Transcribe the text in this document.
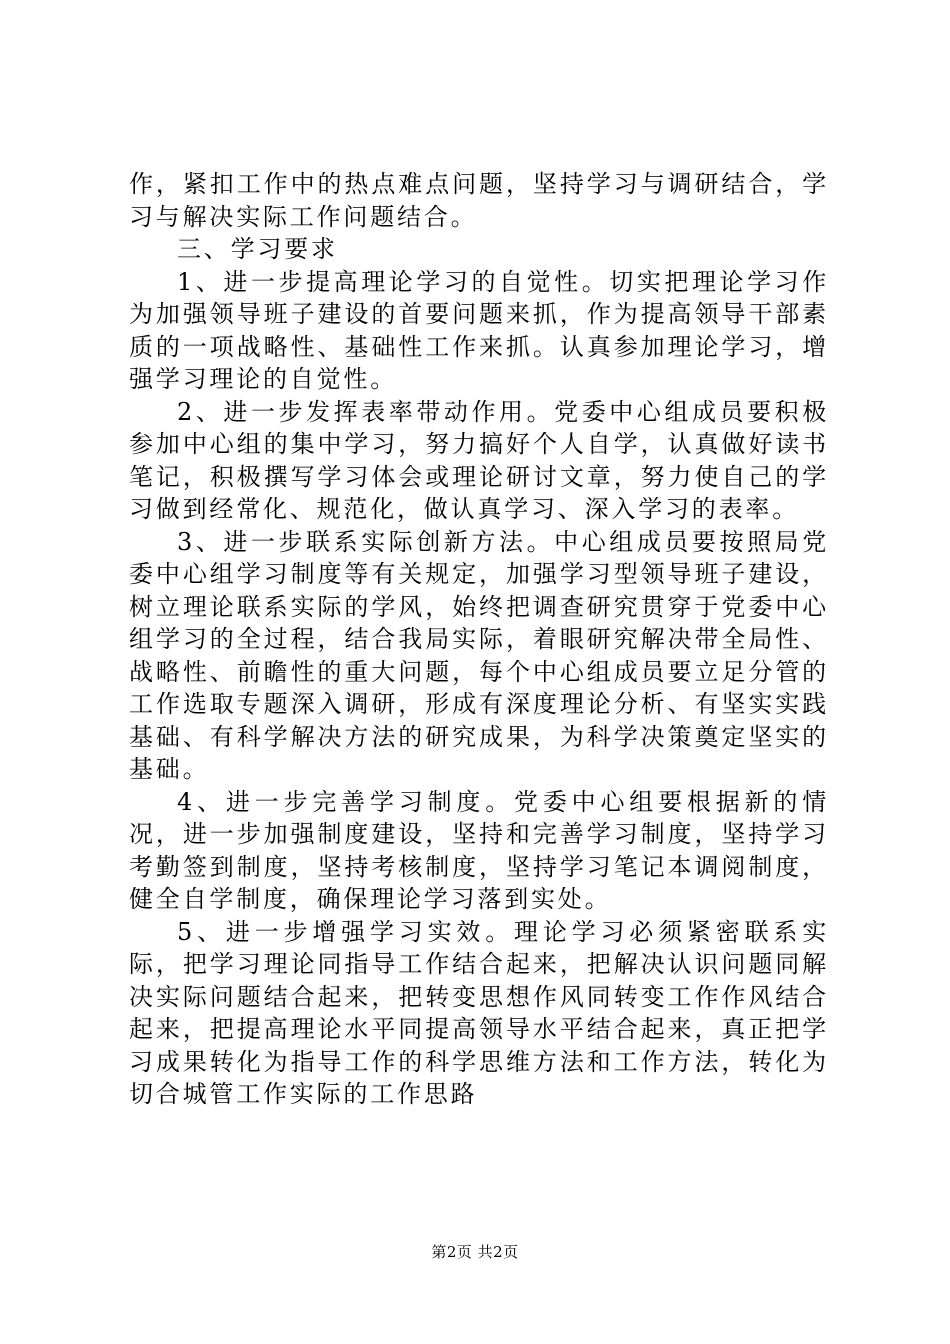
作，紧扣工作中的热点难点问题，坚持学习与调研结合，学习与解决实际工作问题结合。

三、学习要求

1、进一步提高理论学习的自觉性。切实把理论学习作为加强领导班子建设的首要问题来抓，作为提高领导干部素质的一项战略性、基础性工作来抓。认真参加理论学习，增强学习理论的自觉性。

2、进一步发挥表率带动作用。党委中心组成员要积极参加中心组的集中学习，努力搞好个人自学，认真做好读书笔记，积极撰写学习体会或理论研讨文章，努力使自己的学习做到经常化、规范化，做认真学习、深入学习的表率。

3、进一步联系实际创新方法。中心组成员要按照局党委中心组学习制度等有关规定，加强学习型领导班子建设，树立理论联系实际的学风，始终把调查研究贯穿于党委中心组学习的全过程，结合我局实际，着眼研究解决带全局性、战略性、前瞻性的重大问题，每个中心组成员要立足分管的工作选取专题深入调研，形成有深度理论分析、有坚实实践基础、有科学解决方法的研究成果，为科学决策奠定坚实的基础。

4、进一步完善学习制度。党委中心组要根据新的情况，进一步加强制度建设，坚持和完善学习制度，坚持学习考勤签到制度，坚持考核制度，坚持学习笔记本调阅制度，健全自学制度，确保理论学习落到实处。

5、进一步增强学习实效。理论学习必须紧密联系实际，把学习理论同指导工作结合起来，把解决认识问题同解决实际问题结合起来，把转变思想作风同转变工作作风结合起来，把提高理论水平同提高领导水平结合起来，真正把学习成果转化为指导工作的科学思维方法和工作方法，转化为切合城管工作实际的工作思路

第2页 共2页
